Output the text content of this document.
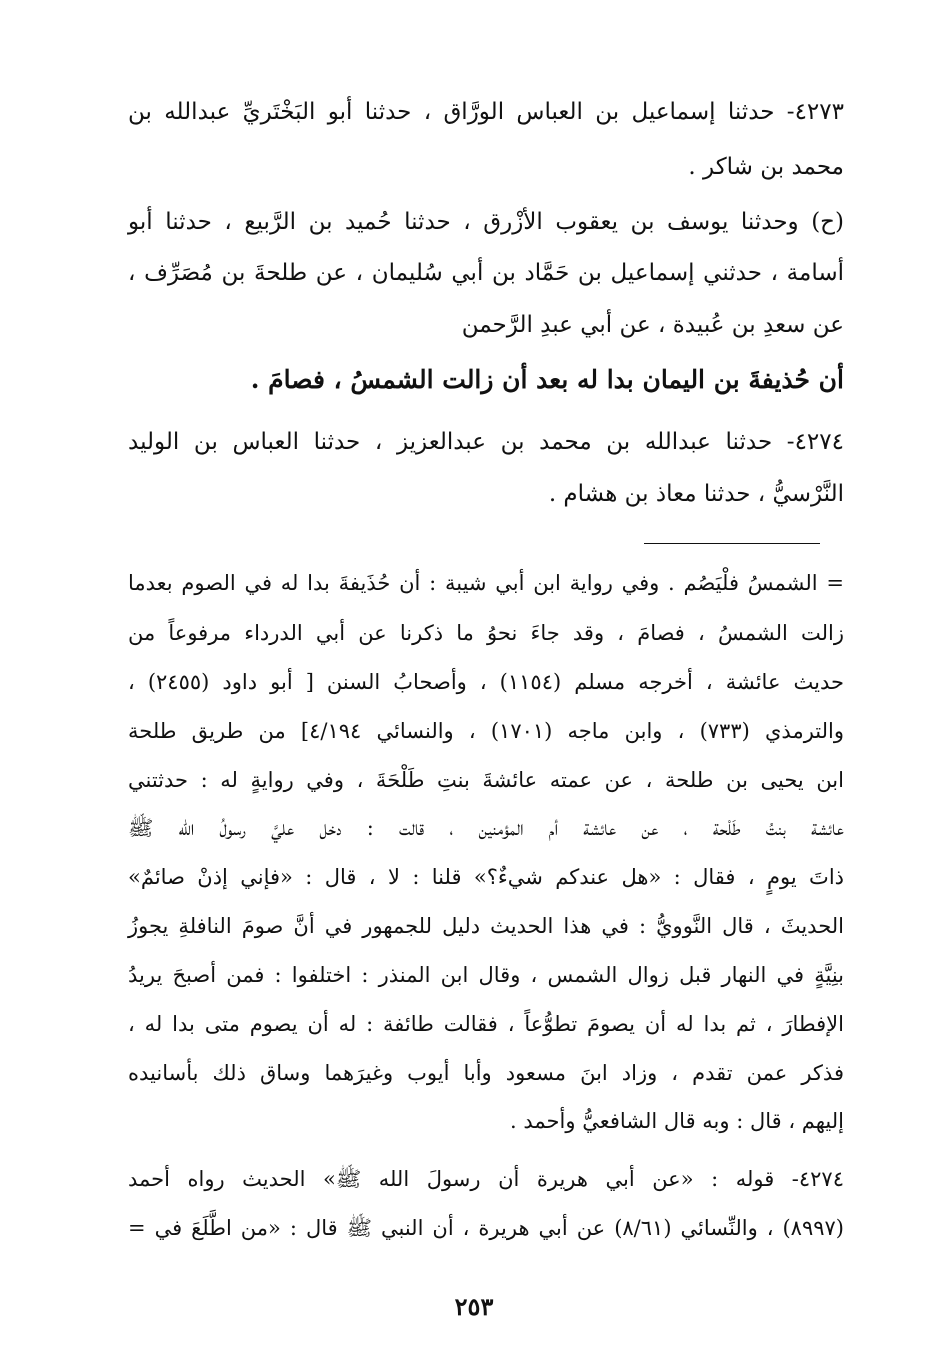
٤٢٧٣- حدثنا إسماعيل بن العباس الورَّاق ، حدثنا أبو البَخْتَريِّ عبدالله بن
محمد بن شاكر .
(ح) وحدثنا يوسف بن يعقوب الأزْرق ، حدثنا حُميد بن الرَّبيع ، حدثنا أبو
أسامة ، حدثني إسماعيل بن حَمَّاد بن أبي سُليمان ، عن طلحةَ بن مُصَرِّف ،
عن سعدِ بن عُبيدة ، عن أبي عبدِ الرَّحمن
أن حُذيفةَ بن اليمان بدا له بعد أن زالت الشمسُ ، فصامَ .
٤٢٧٤- حدثنا عبدالله بن محمد بن عبدالعزيز ، حدثنا العباس بن الوليد
النَّرْسيُّ ، حدثنا معاذ بن هشام .
= الشمسُ فلْيَصُم . وفي رواية ابن أبي شيبة : أن حُذَيفةَ بدا له في الصوم بعدما
زالت الشمسُ ، فصامَ ، وقد جاءَ نحوُ ما ذكرنا عن أبي الدرداء مرفوعاً من
حديث عائشة ، أخرجه مسلم (١١٥٤) ، وأصحابُ السنن [ أبو داود (٢٤٥٥) ،
والترمذي (٧٣٣) ، وابن ماجه (١٧٠١) ، والنسائي ٤/١٩٤] من طريق طلحة
ابن يحيى بن طلحة ، عن عمته عائشةَ بنتِ طَلْحَةَ ، وفي روايةٍ له : حدثتني
عائشة بنتُ طَلْحة ، عن عائشة أم المؤمنين ، قالت : دخل عليَّ رسولُ الله ﷺ
ذاتَ يومٍ ، فقال : «هل عندكم شيءٌ؟» قلنا : لا ، قال : «فإني إذنْ صائمٌ»
الحديثَ ، قال النَّوويُّ : في هذا الحديث دليل للجمهور في أنَّ صومَ النافلةِ يجوزُ
بنِيَّةٍ في النهار قبل زوال الشمس ، وقال ابن المنذر : اختلفوا : فمن أصبحَ يريدُ
الإفطارَ ، ثم بدا له أن يصومَ تطوُّعاً ، فقالت طائفة : له أن يصوم متى بدا له ،
فذكر عمن تقدم ، وزاد ابنَ مسعود وأبا أيوب وغيرَهما وساق ذلك بأسانيده
إليهم ، قال : وبه قال الشافعيُّ وأحمد .
٤٢٧٤- قوله : «عن أبي هريرة أن رسولَ الله ﷺ» الحديث رواه أحمد
(٨٩٩٧) ، والنِّسائي (٨/٦١) عن أبي هريرة ، أن النبي ﷺ قال : «من اطَّلَعَ في =
٢٥٣
